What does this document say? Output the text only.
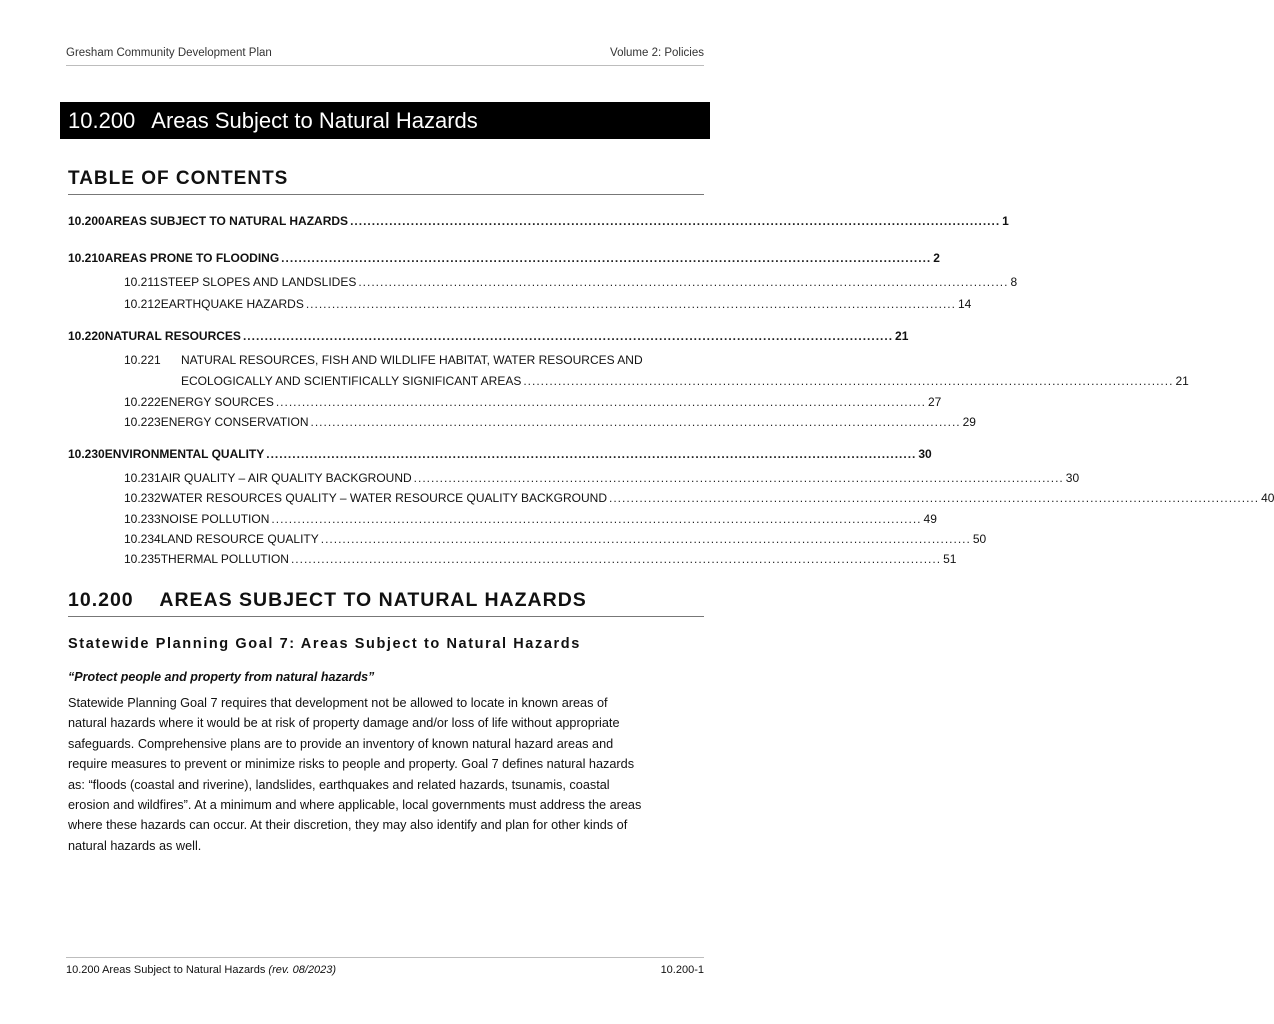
Gresham Community Development Plan	Volume 2: Policies
10.200 Areas Subject to Natural Hazards
TABLE OF CONTENTS
10.200 AREAS SUBJECT TO NATURAL HAZARDS ...................................................................................................................................................... 1
10.210 AREAS PRONE TO FLOODING ...................................................................................................................................................... 2
10.211 STEEP SLOPES AND LANDSLIDES ...................................................................................................................................................... 8
10.212 EARTHQUAKE HAZARDS ...................................................................................................................................................... 14
10.220 NATURAL RESOURCES ...................................................................................................................................................... 21
10.221	NATURAL RESOURCES, FISH AND WILDLIFE HABITAT, WATER RESOURCES AND
ECOLOGICALLY AND SCIENTIFICALLY SIGNIFICANT AREAS ...................................................................................................................................................... 21
10.222 ENERGY SOURCES ...................................................................................................................................................... 27
10.223 ENERGY CONSERVATION ...................................................................................................................................................... 29
10.230 ENVIRONMENTAL QUALITY ...................................................................................................................................................... 30
10.231 AIR QUALITY – AIR QUALITY BACKGROUND ...................................................................................................................................................... 30
10.232 WATER RESOURCES QUALITY – WATER RESOURCE QUALITY BACKGROUND ...................................................................................................................................................... 40
10.233 NOISE POLLUTION ...................................................................................................................................................... 49
10.234 LAND RESOURCE QUALITY ...................................................................................................................................................... 50
10.235 THERMAL POLLUTION ...................................................................................................................................................... 51
10.200 AREAS SUBJECT TO NATURAL HAZARDS
Statewide Planning Goal 7: Areas Subject to Natural Hazards
“Protect people and property from natural hazards”
Statewide Planning Goal 7 requires that development not be allowed to locate in known areas of
natural hazards where it would be at risk of property damage and/or loss of life without appropriate
safeguards. Comprehensive plans are to provide an inventory of known natural hazard areas and
require measures to prevent or minimize risks to people and property. Goal 7 defines natural hazards
as: “floods (coastal and riverine), landslides, earthquakes and related hazards, tsunamis, coastal
erosion and wildfires”. At a minimum and where applicable, local governments must address the areas
where these hazards can occur. At their discretion, they may also identify and plan for other kinds of
natural hazards as well.
10.200 Areas Subject to Natural Hazards (rev. 08/2023)	10.200-1
